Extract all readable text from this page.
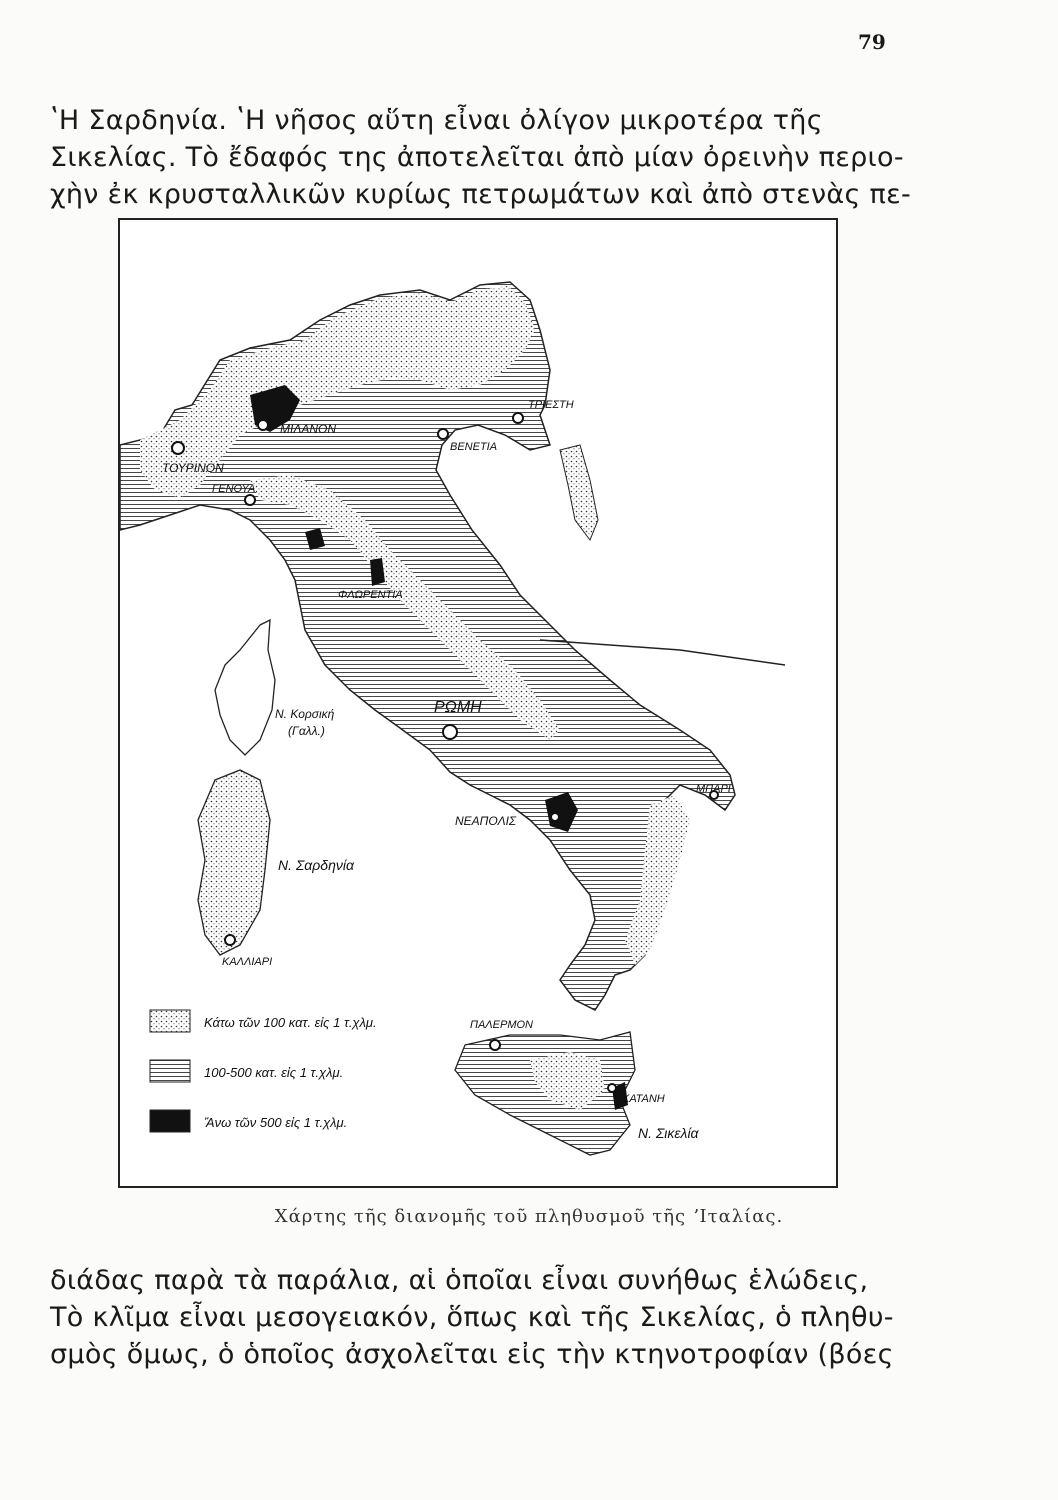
79
ʽΗ Σαρδηνία. ʽΗ νῆσος αὕτη εἶναι ὀλίγον μικροτέρα τῆς
Σικελίας. Τὸ ἔδαφός της ἀποτελεῖται ἀπὸ μίαν ὀρεινὴν περιο-
χὴν ἐκ κρυσταλλικῶν κυρίως πετρωμάτων καὶ ἀπὸ στενὰς πε-
ΜΙΛΑΝΟΝ
ΤΡΙΕΣΤΗ
ΒΕΝΕΤΙΑ
ΤΟΥΡΙΝΟΝ
ΓΕΝΟΥΑ
ΦΛΩΡΕΝΤΙΑ
ΡΩΜΗ
ΜΠΑΡΙ
ΝΕΑΠΟΛΙΣ
ΚΑΛΛΙΑΡΙ
ΠΑΛΕΡΜΟΝ
ΚΑΤΑΝΗ
Ν. Κορσική
(Γαλλ.)
Ν. Σαρδηνία
Ν. Σικελία
Κάτω τῶν 100 κατ. εἰς 1 τ.χλμ.
100-500 κατ. εἰς 1 τ.χλμ.
Ἄνω τῶν 500 εἰς 1 τ.χλμ.
Χάρτης τῆς διανομῆς τοῦ πληθυσμοῦ τῆς ʼΙταλίας.
διάδας παρὰ τὰ παράλια, αἱ ὁποῖαι εἶναι συνήθως ἑλώδεις,
Τὸ κλῖμα εἶναι μεσογειακόν, ὅπως καὶ τῆς Σικελίας, ὁ πληθυ-
σμὸς ὅμως, ὁ ὁποῖος ἀσχολεῖται εἰς τὴν κτηνοτροφίαν (βόες
